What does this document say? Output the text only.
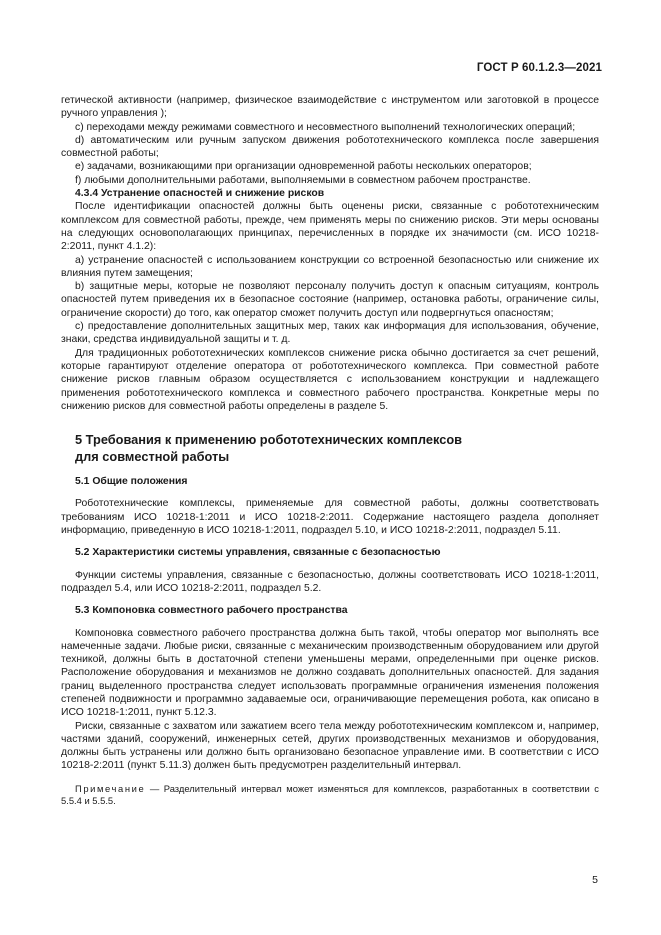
ГОСТ Р 60.1.2.3—2021

гетической активности (например, физическое взаимодействие с инструментом или заготовкой в процессе ручного управления );

c) переходами между режимами совместного и несовместного выполнений технологических операций;

d) автоматическим или ручным запуском движения робототехнического комплекса после завершения совместной работы;

e) задачами, возникающими при организации одновременной работы нескольких операторов;

f) любыми дополнительными работами, выполняемыми в совместном рабочем пространстве.

4.3.4 Устранение опасностей и снижение рисков

После идентификации опасностей должны быть оценены риски, связанные с робототехническим комплексом для совместной работы, прежде, чем применять меры по снижению рисков. Эти меры основаны на следующих основополагающих принципах, перечисленных в порядке их значимости (см. ИСО 10218-2:2011, пункт 4.1.2):

a) устранение опасностей с использованием конструкции со встроенной безопасностью или снижение их влияния путем замещения;

b) защитные меры, которые не позволяют персоналу получить доступ к опасным ситуациям, контроль опасностей путем приведения их в безопасное состояние (например, остановка работы, ограничение силы, ограничение скорости) до того, как оператор сможет получить доступ или подвергнуться опасностям;

c) предоставление дополнительных защитных мер, таких как информация для использования, обучение, знаки, средства индивидуальной защиты и т. д.

Для традиционных робототехнических комплексов снижение риска обычно достигается за счет решений, которые гарантируют отделение оператора от робототехнического комплекса. При совместной работе снижение рисков главным образом осуществляется с использованием конструкции и надлежащего применения робототехнического комплекса и совместного рабочего пространства. Конкретные меры по снижению рисков для совместной работы определены в разделе 5.

5 Требования к применению робототехнических комплексов
для совместной работы
5.1 Общие положения

Робототехнические комплексы, применяемые для совместной работы, должны соответствовать требованиям ИСО 10218-1:2011 и ИСО 10218-2:2011. Содержание настоящего раздела дополняет информацию, приведенную в ИСО 10218-1:2011, подраздел 5.10, и ИСО 10218-2:2011, подраздел 5.11.

5.2 Характеристики системы управления, связанные с безопасностью

Функции системы управления, связанные с безопасностью, должны соответствовать ИСО 10218-1:2011, подраздел 5.4, или ИСО 10218-2:2011, подраздел 5.2.

5.3 Компоновка совместного рабочего пространства

Компоновка совместного рабочего пространства должна быть такой, чтобы оператор мог выполнять все намеченные задачи. Любые риски, связанные с механическим производственным оборудованием или другой техникой, должны быть в достаточной степени уменьшены мерами, определенными при оценке рисков. Расположение оборудования и механизмов не должно создавать дополнительных опасностей. Для задания границ выделенного пространства следует использовать программные ограничения изменения положения степеней подвижности и программно задаваемые оси, ограничивающие перемещения робота, как описано в ИСО 10218-1:2011, пункт 5.12.3.

Риски, связанные с захватом или зажатием всего тела между робототехническим комплексом и, например, частями зданий, сооружений, инженерных сетей, других производственных механизмов и оборудования, должны быть устранены или должно быть организовано безопасное управление ими. В соответствии с ИСО 10218-2:2011 (пункт 5.11.3) должен быть предусмотрен разделительный интервал.

Примечание — Разделительный интервал может изменяться для комплексов, разработанных в соответствии с 5.5.4 и 5.5.5.

5
